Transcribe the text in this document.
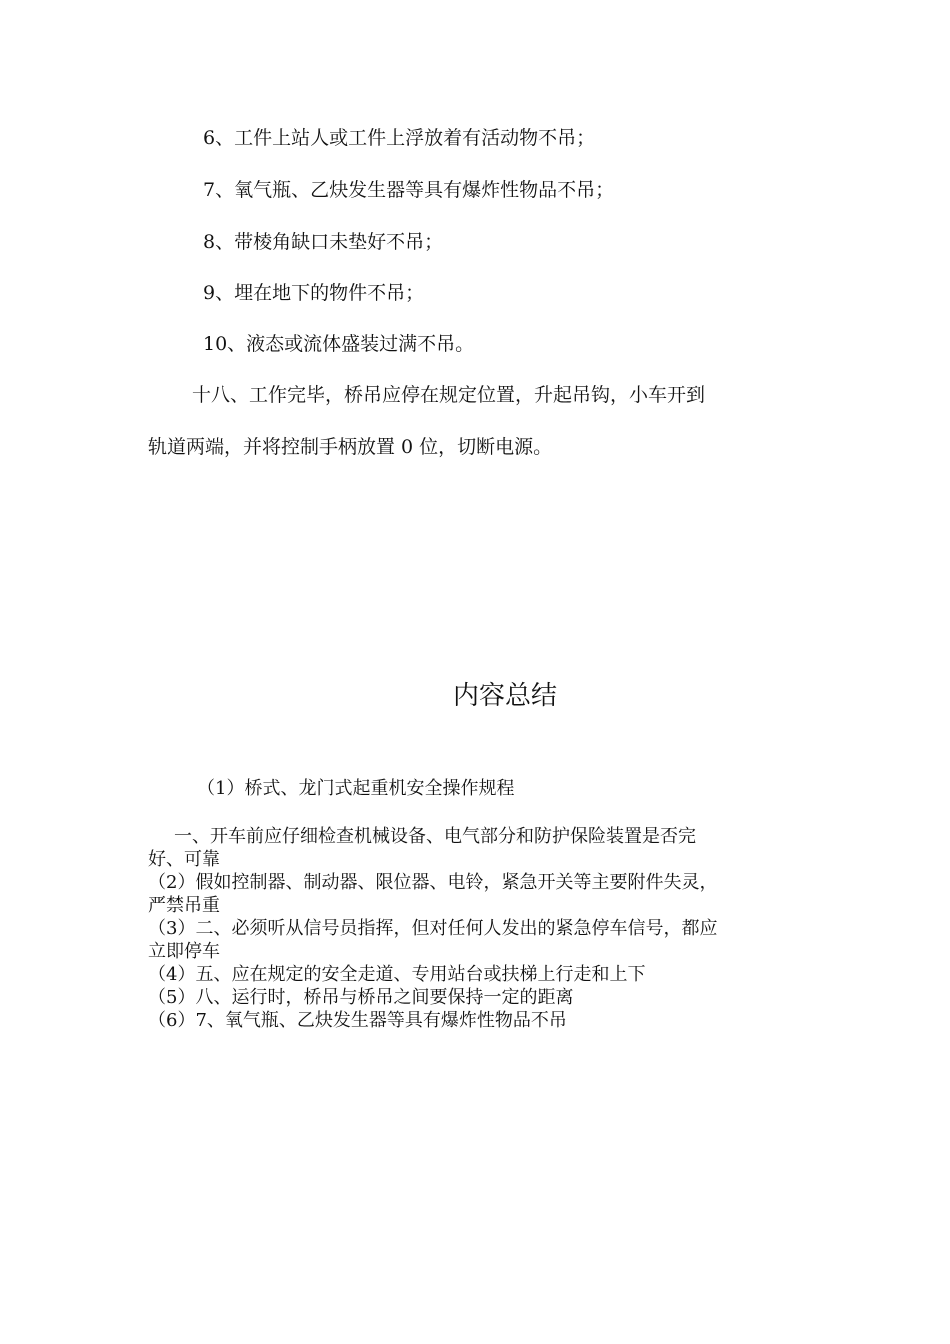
6、工件上站人或工件上浮放着有活动物不吊；
7、氧气瓶、乙炔发生器等具有爆炸性物品不吊；
8、带棱角缺口未垫好不吊；
9、埋在地下的物件不吊；
10、液态或流体盛装过满不吊。
十八、工作完毕，桥吊应停在规定位置，升起吊钩，小车开到
轨道两端，并将控制手柄放置 0 位，切断电源。
内容总结
（1）桥式、龙门式起重机安全操作规程
一、开车前应仔细检查机械设备、电气部分和防护保险装置是否完
好、可靠
（2）假如控制器、制动器、限位器、电铃，紧急开关等主要附件失灵，
严禁吊重
（3）二、必须听从信号员指挥，但对任何人发出的紧急停车信号，都应
立即停车
（4）五、应在规定的安全走道、专用站台或扶梯上行走和上下
（5）八、运行时，桥吊与桥吊之间要保持一定的距离
（6）7、氧气瓶、乙炔发生器等具有爆炸性物品不吊
